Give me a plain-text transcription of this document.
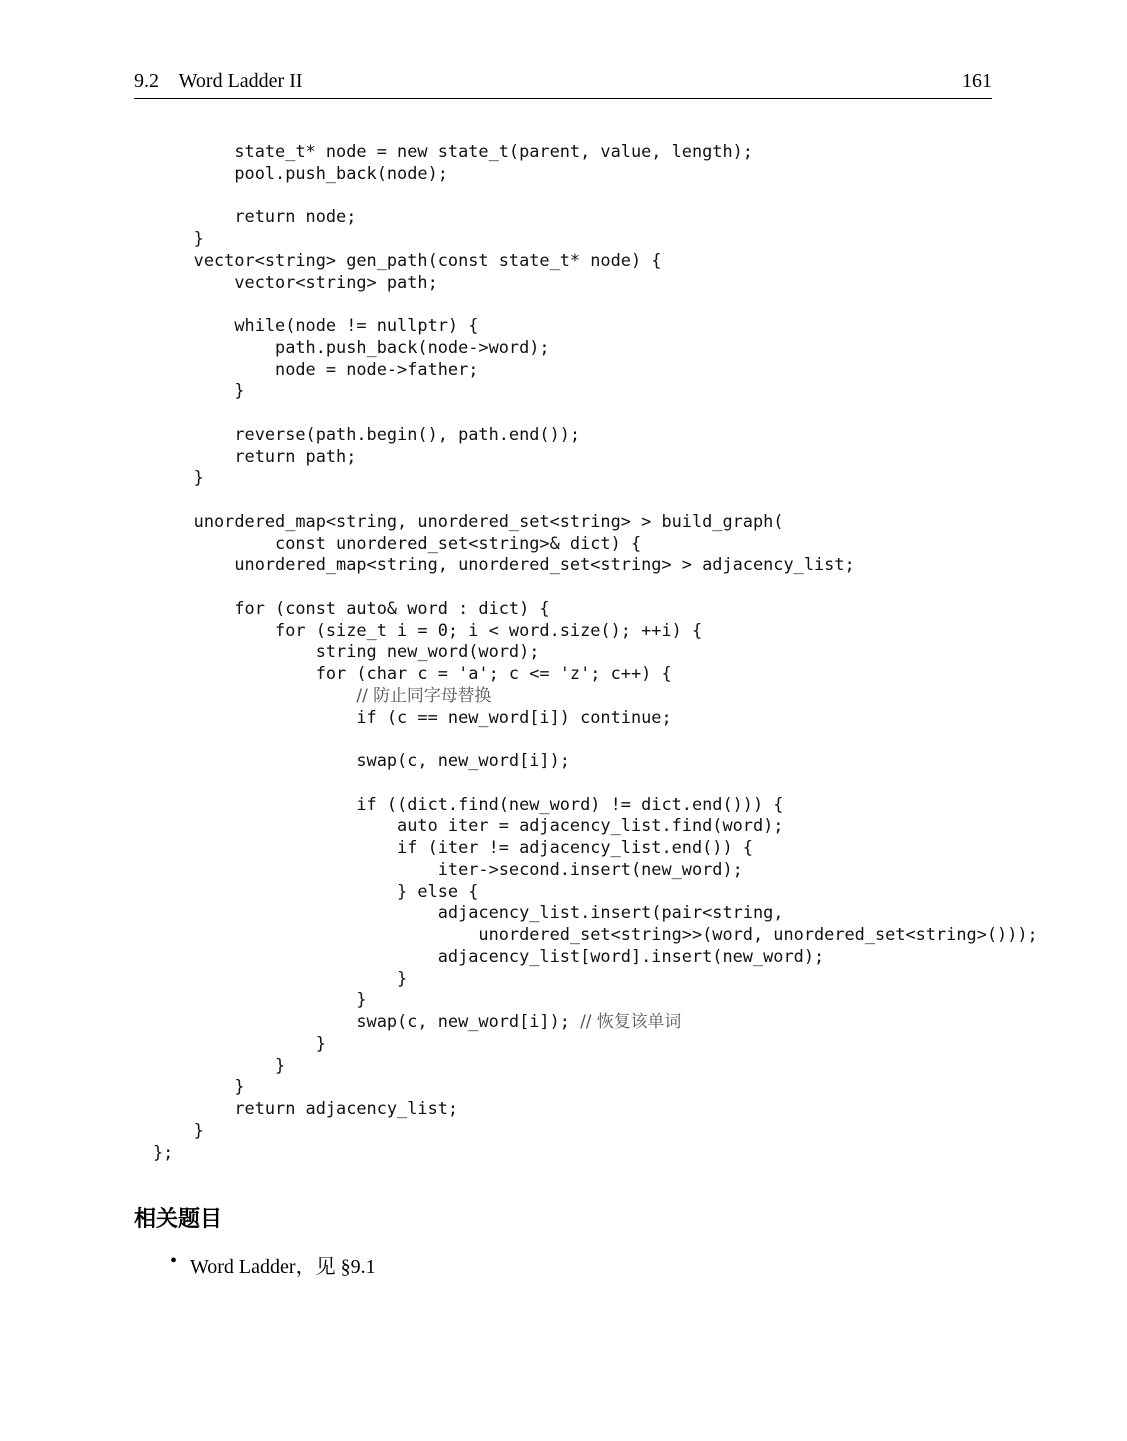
9.2    Word Ladder II	161
state_t* node = new state_t(parent, value, length);
pool.push_back(node);

return node;
}
vector<string> gen_path(const state_t* node) {
vector<string> path;

while(node != nullptr) {
path.push_back(node->word);
node = node->father;
}

reverse(path.begin(), path.end());
return path;
}

unordered_map<string, unordered_set<string> > build_graph(
const unordered_set<string>& dict) {
unordered_map<string, unordered_set<string> > adjacency_list;

for (const auto& word : dict) {
for (size_t i = 0; i < word.size(); ++i) {
string new_word(word);
for (char c = 'a'; c <= 'z'; c++) {
// 防止同字母替换
if (c == new_word[i]) continue;

swap(c, new_word[i]);

if ((dict.find(new_word) != dict.end())) {
auto iter = adjacency_list.find(word);
if (iter != adjacency_list.end()) {
iter->second.insert(new_word);
} else {
adjacency_list.insert(pair<string,
unordered_set<string>>(word, unordered_set<string>()));
adjacency_list[word].insert(new_word);
}
}
swap(c, new_word[i]); // 恢复该单词
}
}
}
return adjacency_list;
}
};
相关题目
• Word Ladder，见 §9.1
